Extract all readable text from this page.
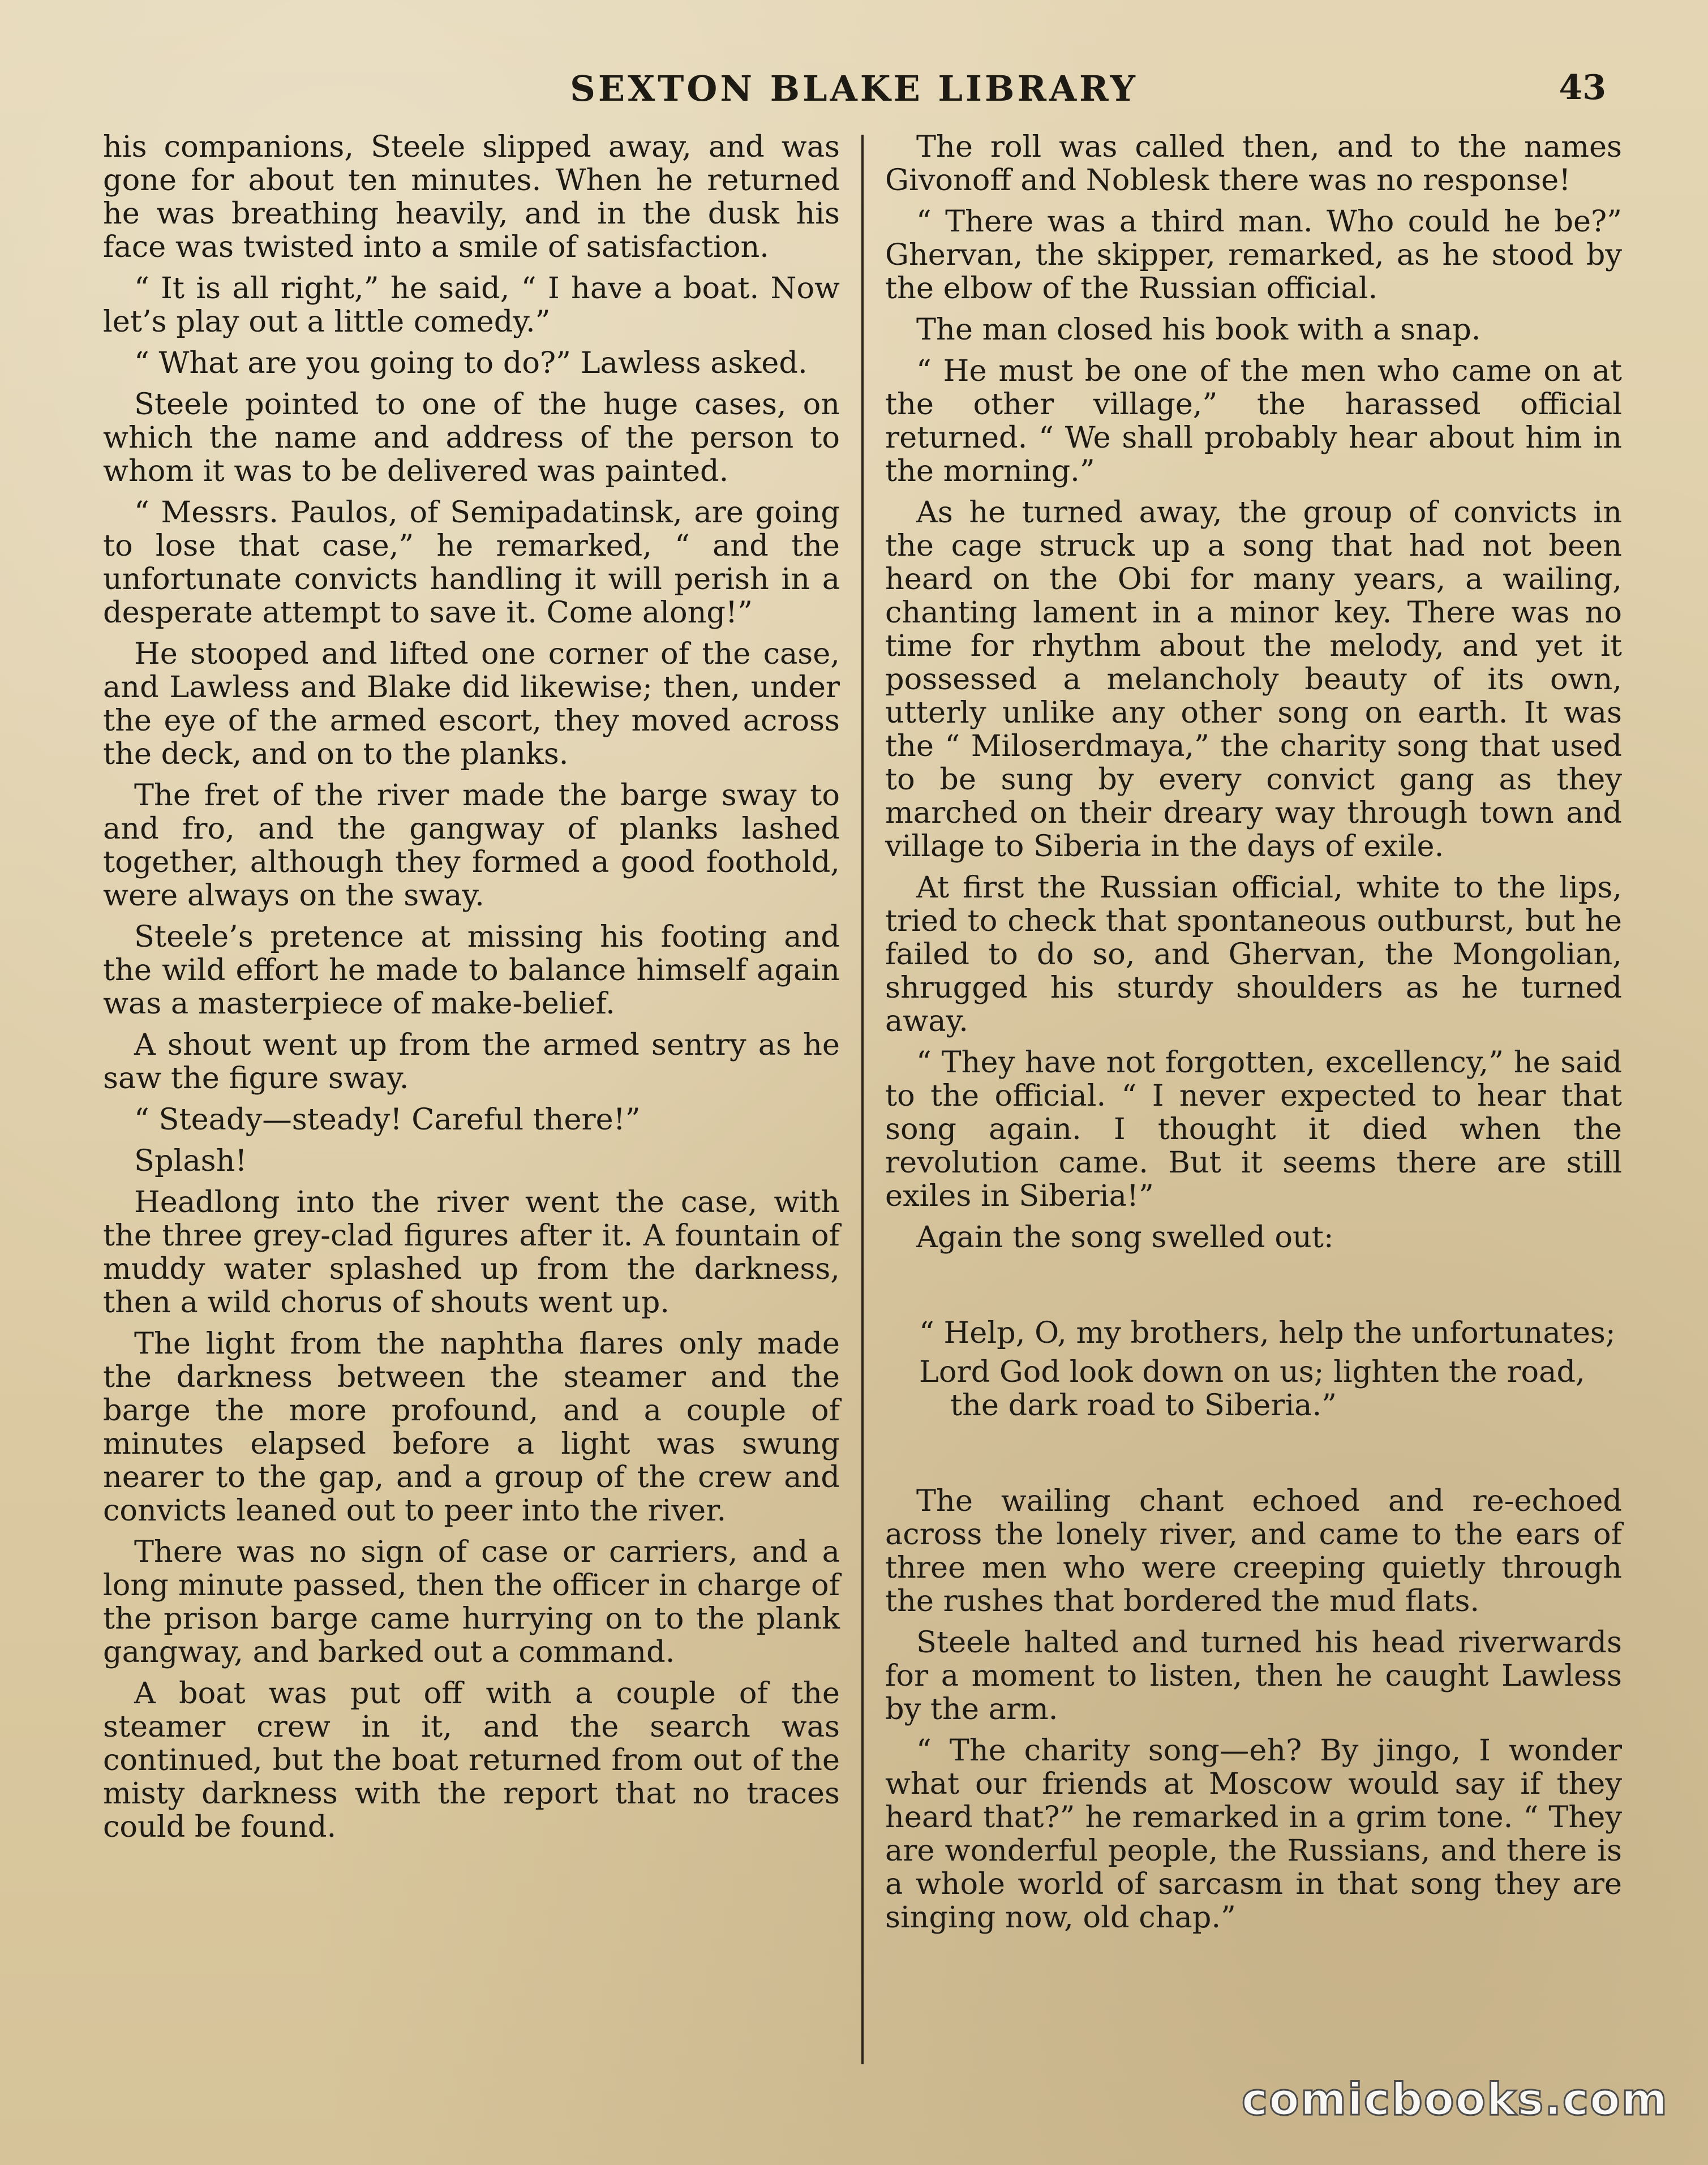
SEXTON BLAKE LIBRARY	43

his companions, Steele slipped away, and was gone for about ten minutes. When he returned he was breathing heavily, and in the dusk his face was twisted into a smile of satisfaction.

“ It is all right,” he said, “ I have a boat. Now let’s play out a little comedy.”

“ What are you going to do?” Lawless asked.

Steele pointed to one of the huge cases, on which the name and address of the person to whom it was to be delivered was painted.

“ Messrs. Paulos, of Semipadatinsk, are going to lose that case,” he remarked, “ and the unfortunate convicts handling it will perish in a desperate attempt to save it. Come along!”

He stooped and lifted one corner of the case, and Lawless and Blake did likewise; then, under the eye of the armed escort, they moved across the deck, and on to the planks.

The fret of the river made the barge sway to and fro, and the gangway of planks lashed together, although they formed a good foothold, were always on the sway.

Steele’s pretence at missing his footing and the wild effort he made to balance himself again was a masterpiece of make-belief.

A shout went up from the armed sentry as he saw the figure sway.

“ Steady—steady! Careful there!”

Splash!

Headlong into the river went the case, with the three grey-clad figures after it. A fountain of muddy water splashed up from the darkness, then a wild chorus of shouts went up.

The light from the naphtha flares only made the darkness between the steamer and the barge the more profound, and a couple of minutes elapsed before a light was swung nearer to the gap, and a group of the crew and convicts leaned out to peer into the river.

There was no sign of case or carriers, and a long minute passed, then the officer in charge of the prison barge came hurrying on to the plank gangway, and barked out a command.

A boat was put off with a couple of the steamer crew in it, and the search was continued, but the boat returned from out of the misty darkness with the report that no traces could be found.

The roll was called then, and to the names Givonoff and Noblesk there was no response!

“ There was a third man. Who could he be?” Ghervan, the skipper, remarked, as he stood by the elbow of the Russian official.

The man closed his book with a snap.

“ He must be one of the men who came on at the other village,” the harassed official returned. “ We shall probably hear about him in the morning.”

As he turned away, the group of convicts in the cage struck up a song that had not been heard on the Obi for many years, a wailing, chanting lament in a minor key. There was no time for rhythm about the melody, and yet it possessed a melancholy beauty of its own, utterly unlike any other song on earth. It was the “ Miloserdmaya,” the charity song that used to be sung by every convict gang as they marched on their dreary way through town and village to Siberia in the days of exile.

At first the Russian official, white to the lips, tried to check that spontaneous outburst, but he failed to do so, and Ghervan, the Mongolian, shrugged his sturdy shoulders as he turned away.

“ They have not forgotten, excellency,” he said to the official. “ I never expected to hear that song again. I thought it died when the revolution came. But it seems there are still exiles in Siberia!”

Again the song swelled out:

“ Help, O, my brothers, help the unfortunates;

Lord God look down on us; lighten the road, the dark road to Siberia.”

The wailing chant echoed and re-echoed across the lonely river, and came to the ears of three men who were creeping quietly through the rushes that bordered the mud flats.

Steele halted and turned his head riverwards for a moment to listen, then he caught Lawless by the arm.

“ The charity song—eh? By jingo, I wonder what our friends at Moscow would say if they heard that?” he remarked in a grim tone. “ They are wonderful people, the Russians, and there is a whole world of sarcasm in that song they are singing now, old chap.”

comicbooks.com
